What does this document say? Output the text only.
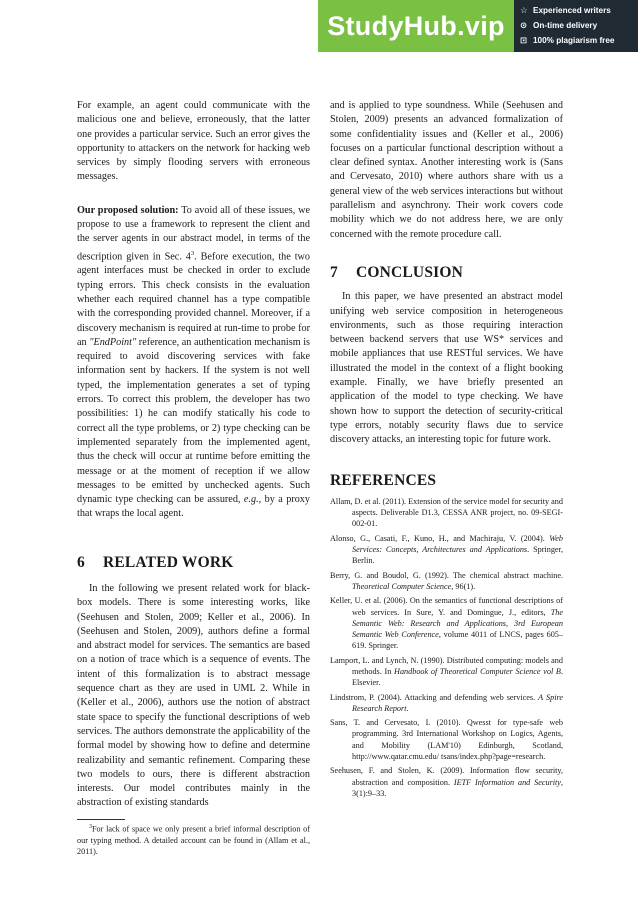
StudyHub.vip
☆ Experienced writers
⊙ On-time delivery
⊡ 100% plagiarism free

For example, an agent could communicate with the malicious one and believe, erroneously, that the latter one provides a particular service. Such an error gives the opportunity to attackers on the network for hacking web services by simply flooding servers with erroneous messages.

Our proposed solution: To avoid all of these issues, we propose to use a framework to represent the client and the server agents in our abstract model, in terms of the description given in Sec. $4^3$. Before execution, the two agent interfaces must be checked in order to exclude typing errors. This check consists in the evaluation whether each required channel has a type compatible with the corresponding provided channel. Moreover, if a discovery mechanism is required at run-time to probe for an "EndPoint" reference, an authentication mechanism is required to avoid discovering services with fake information sent by hackers. If the system is not well typed, the implementation generates a set of typing errors. To correct this problem, the developer has two possibilities: 1) he can modify statically his code to correct all the type problems, or 2) type checking can be implemented separately from the implemented agent, thus the check will occur at runtime before emitting the message or at the moment of reception if we allow messages to be emitted by unchecked agents. Such dynamic type checking can be assured, e.g., by a proxy that wraps the local agent.

6 RELATED WORK

In the following we present related work for black-box models. There is some interesting works, like (Seehusen and Stolen, 2009; Keller et al., 2006). In (Seehusen and Stolen, 2009), authors define a formal and abstract model for services. The semantics are based on a notion of trace which is a sequence of events. The intent of this formalization is to abstract message sequence chart as they are used in UML 2. While in (Keller et al., 2006), authors use the notion of abstract state space to specify the functional descriptions of web services. The authors demonstrate the applicability of the formal model by showing how to define and determine realizability and semantic refinement. Comparing these two models to ours, there is different abstraction interests. Our model contributes mainly in the abstraction of existing standards

$^3$For lack of space we only present a brief informal description of our typing method. A detailed account can be found in (Allam et al., 2011).

and is applied to type soundness. While (Seehusen and Stolen, 2009) presents an advanced formalization of some confidentiality issues and (Keller et al., 2006) focuses on a particular functional description without a clear defined syntax. Another interesting work is (Sans and Cervesato, 2010) where authors share with us a general view of the web services interactions but without parallelism and asynchrony. Their work covers code mobility which we do not address here, we are only concerned with the remote procedure call.

7 CONCLUSION

In this paper, we have presented an abstract model unifying web service composition in heterogeneous environments, such as those requiring interaction between backend servers that use WS* services and mobile appliances that use RESTful services. We have illustrated the model in the context of a flight booking example. Finally, we have briefly presented an application of the model to type checking. We have shown how to support the detection of security-critical type errors, notably security flaws due to service discovery attacks, an interesting topic for future work.

REFERENCES

Allam, D. et al. (2011). Extension of the service model for security and aspects. Deliverable D1.3, CESSA ANR project, no. 09-SEGI-002-01.

Alonso, G., Casati, F., Kuno, H., and Machiraju, V. (2004). Web Services: Concepts, Architectures and Applications. Springer, Berlin.

Berry, G. and Boudol, G. (1992). The chemical abstract machine. Theoretical Computer Science, 96(1).

Keller, U. et al. (2006). On the semantics of functional descriptions of web services. In Sure, Y. and Domingue, J., editors, The Semantic Web: Research and Applications, 3rd European Semantic Web Conference, volume 4011 of LNCS, pages 605–619. Springer.

Lamport, L. and Lynch, N. (1990). Distributed computing: models and methods. In Handbook of Theoretical Computer Science vol B. Elsevier.

Lindstrom, P. (2004). Attacking and defending web services. A Spire Research Report.

Sans, T. and Cervesato, I. (2010). Qwesst for type-safe web programming. 3rd International Workshop on Logics, Agents, and Mobility (LAM'10) Edinburgh, Scotland, http://www.qatar.cmu.edu/ tsans/index.php?page=research.

Seehusen, F. and Stolen, K. (2009). Information flow security, abstraction and composition. IETF Information and Security, 3(1):9–33.
